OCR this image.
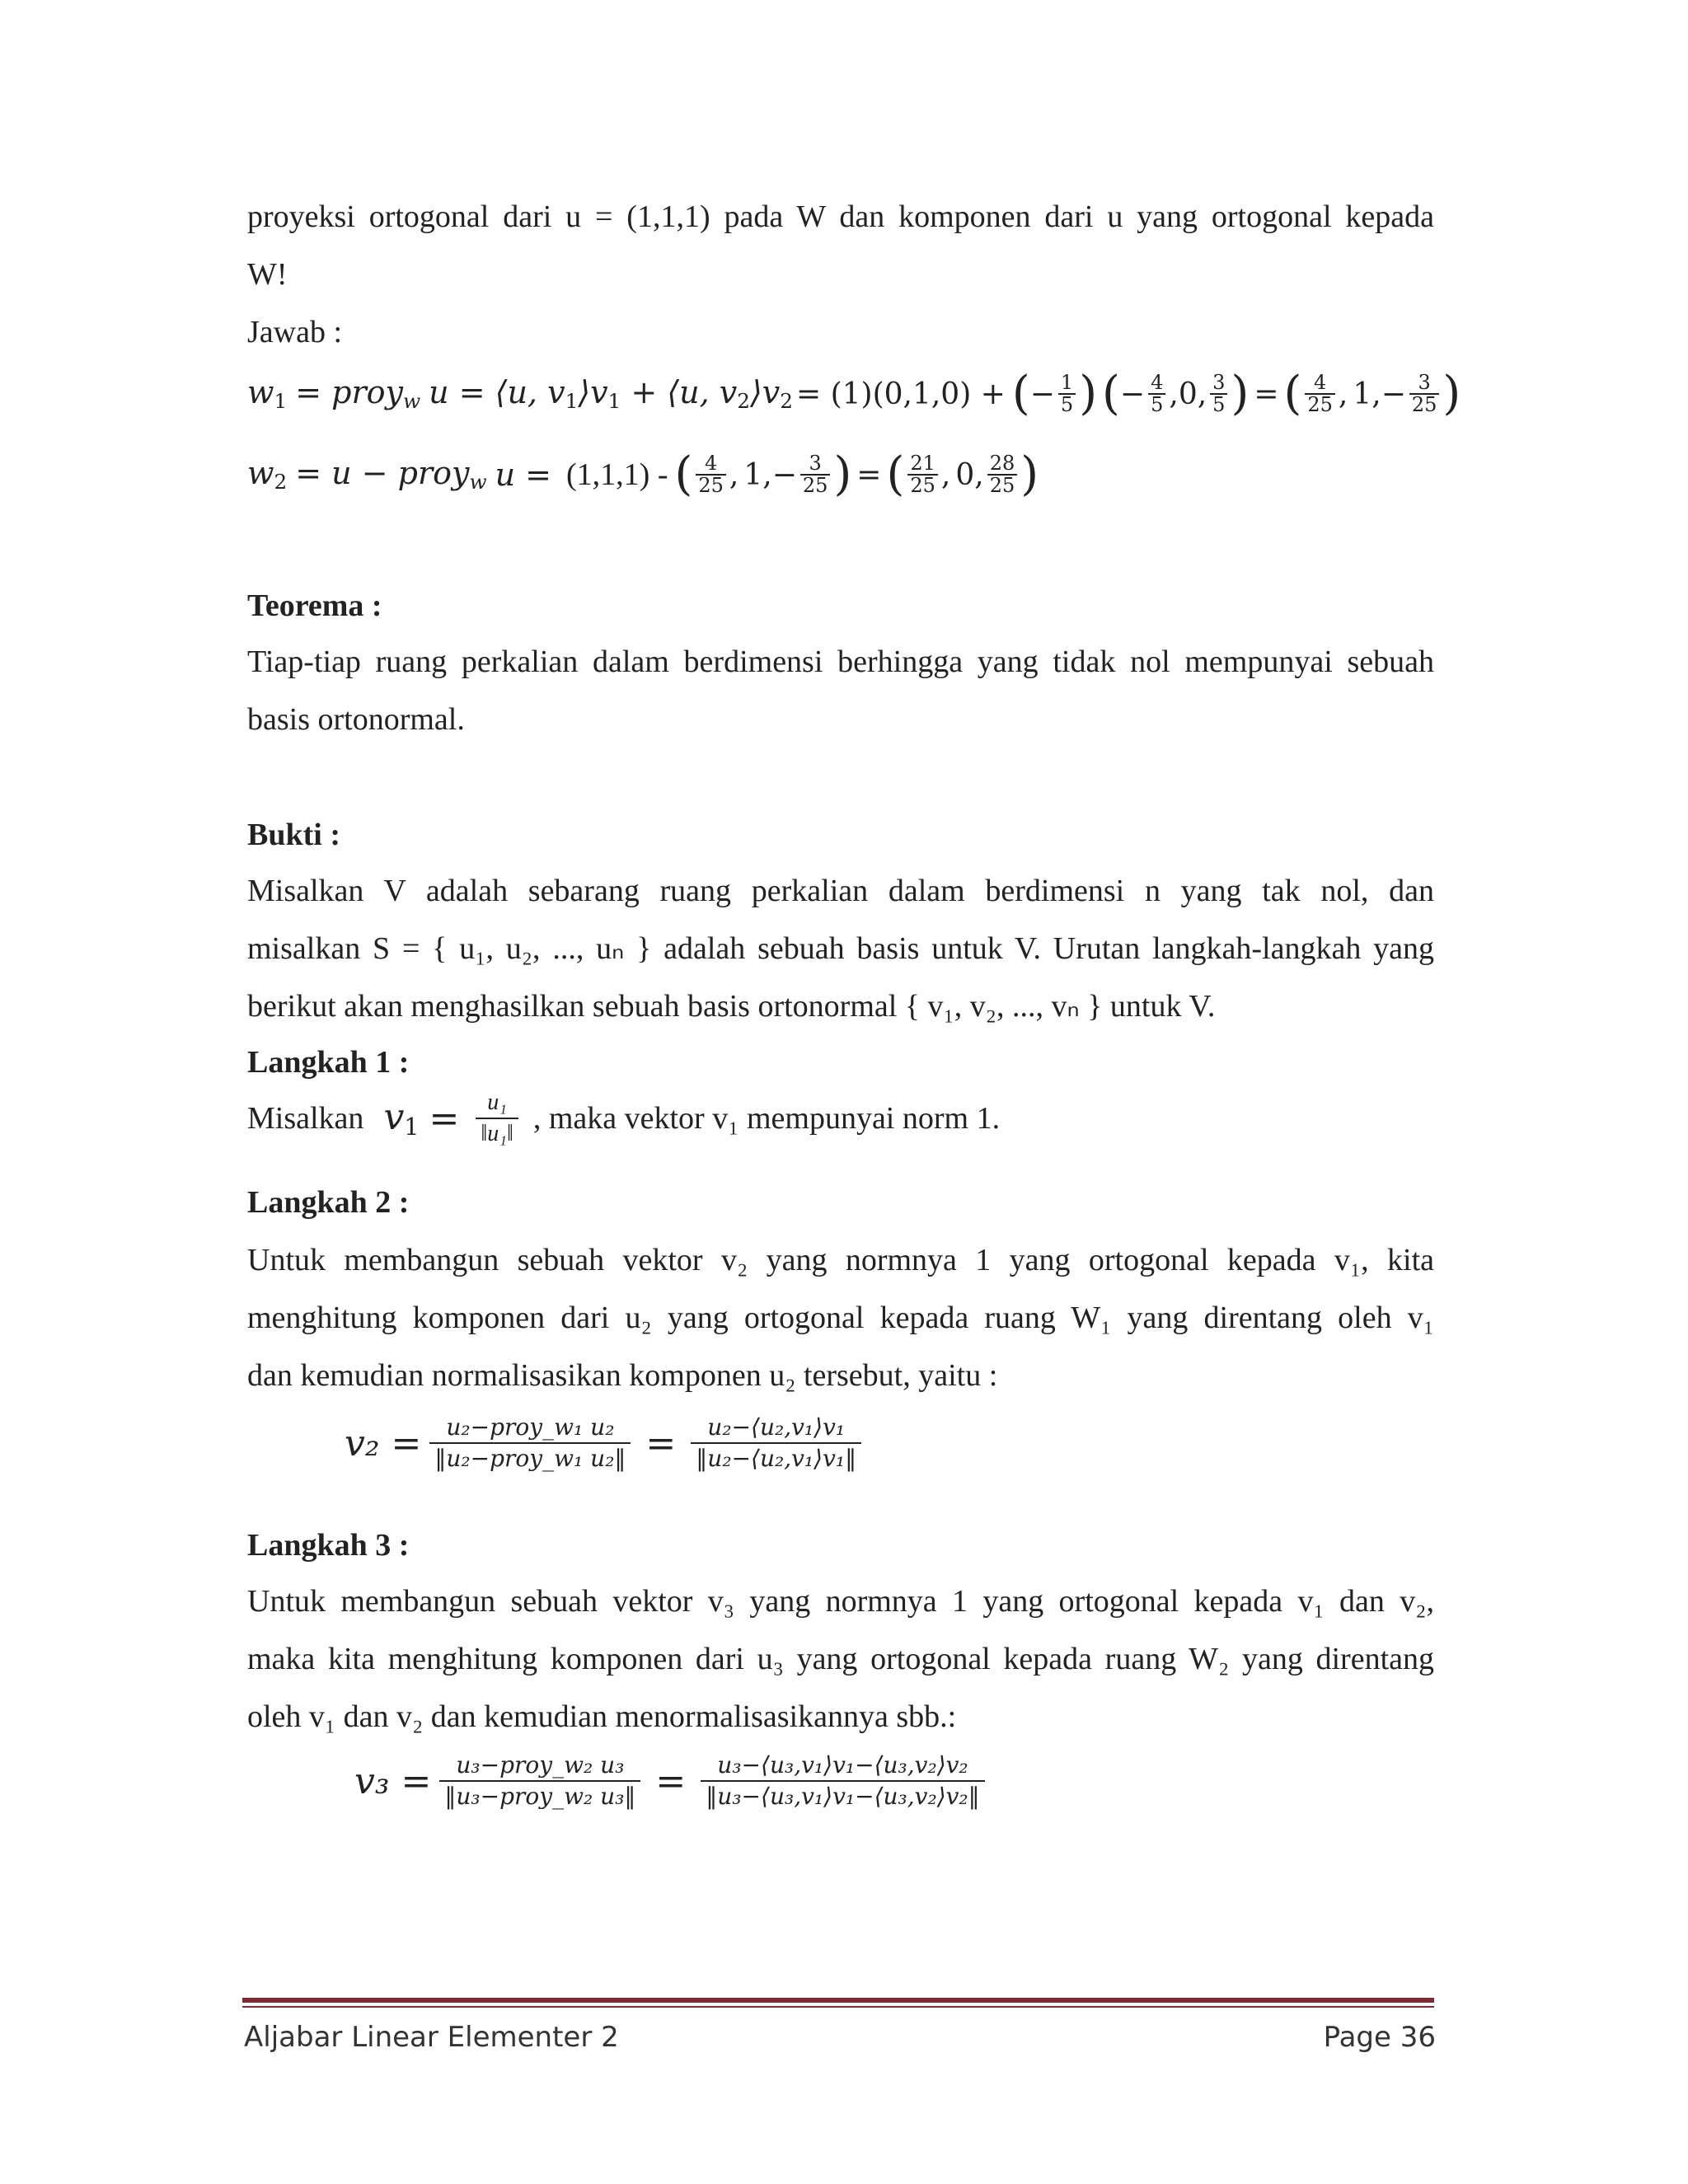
proyeksi ortogonal dari u = (1,1,1) pada W dan komponen dari u yang ortogonal kepada
W!
Jawab :
$w_1$ = proy$_w$ u = ⟨u, $v_1⟩v_1$ + ⟨u, $v_2⟩v_2 = (1)(0,1,0)$ + ( − $\frac{1}{5}$ ) ( − $\frac{4}{5}$ , 0, $\frac{3}{5}$ ) = ( $\frac{4}{25}$ , 1, − $\frac{3}{25}$ )
$w_2 = u$ − proy$_w$ u = (1,1,1) - ( $\frac{4}{25}$ , 1, − $\frac{3}{25}$ ) = ( $\frac{21}{25}$ , 0, $\frac{28}{25}$ )
Teorema :
Tiap-tiap ruang perkalian dalam berdimensi berhingga yang tidak nol mempunyai sebuah
basis ortonormal.
Bukti :
Misalkan V adalah sebarang ruang perkalian dalam berdimensi n yang tak nol, dan
misalkan S = { u₁, u₂, ..., uₙ } adalah sebuah basis untuk V. Urutan langkah-langkah yang
berikut akan menghasilkan sebuah basis ortonormal { v₁, v₂, ..., vₙ } untuk V.
Langkah 1 :
Misalkan $v_1 = \frac{\text{u₁}}{\text{‖u₁‖}}$ , maka vektor v₁ mempunyai norm 1.
Langkah 2 :
Untuk membangun sebuah vektor v₂ yang normnya 1 yang ortogonal kepada v₁, kita
menghitung komponen dari u₂ yang ortogonal kepada ruang W₁ yang direntang oleh v₁
dan kemudian normalisasikan komponen u₂ tersebut, yaitu :
v₂ = u₂−proy_w₁ u₂
‖u₂−proy_w₁ u₂‖ = $\frac{\text{u₂−⟨u₂,v₁⟩v₁}}{\text{‖u₂−⟨u₂,v₁⟩v₁‖}}$
Langkah 3 :
Untuk membangun sebuah vektor v₃ yang normnya 1 yang ortogonal kepada v₁ dan v₂,
maka kita menghitung komponen dari u₃ yang ortogonal kepada ruang W₂ yang direntang
oleh v₁ dan v₂ dan kemudian menormalisasikannya sbb.:
v₃ = u₃−proy_w₂ u₃
‖u₃−proy_w₂ u₃‖ = $\frac{\text{u₃−⟨u₃,v₁⟩v₁−⟨u₃,v₂⟩v₂}}{\text{‖u₃−⟨u₃,v₁⟩v₁−⟨u₃,v₂⟩v₂‖}}$
Aljabar Linear Elementer 2	Page 36
